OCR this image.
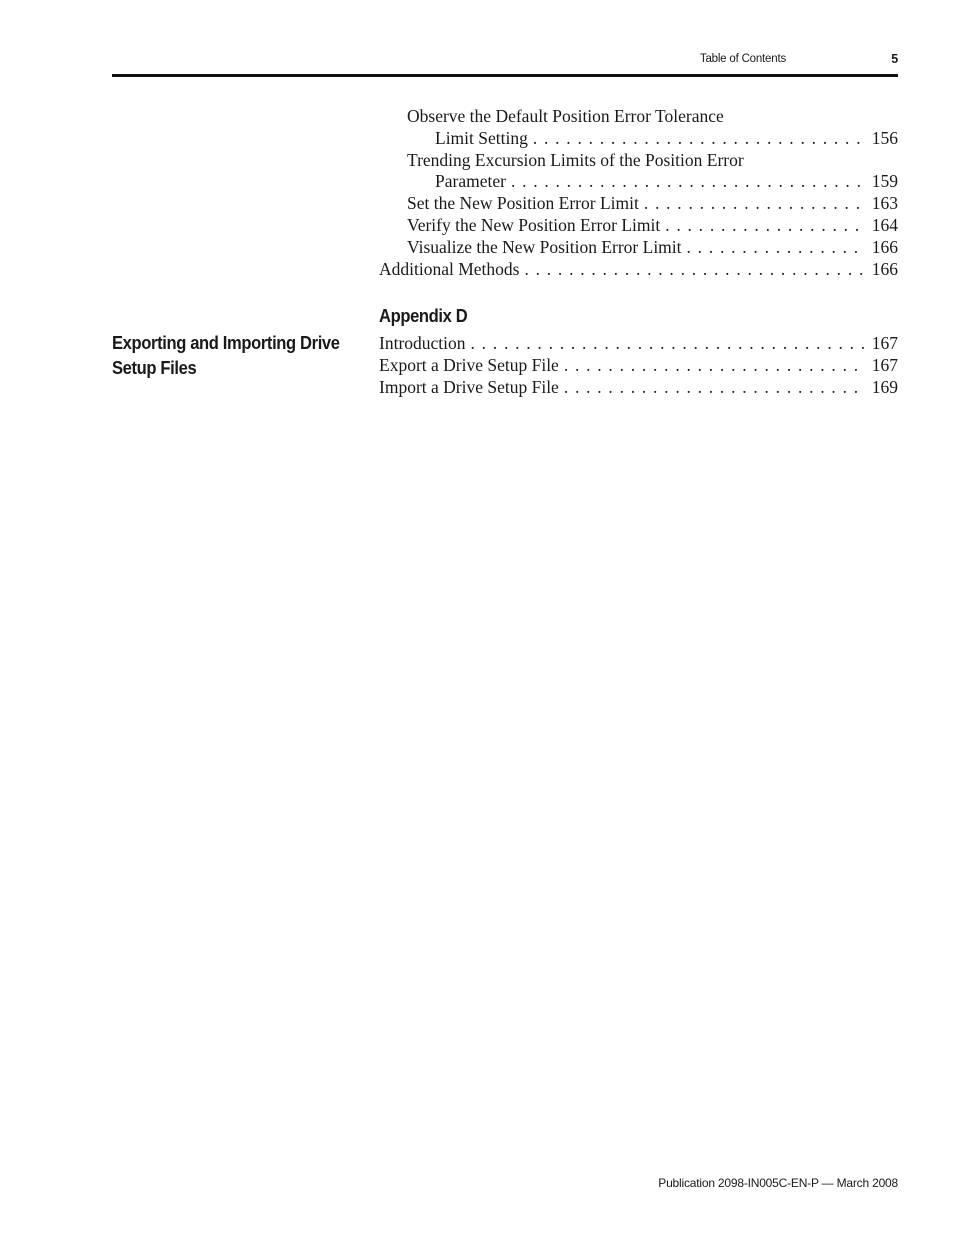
Table of Contents	5
Observe the Default Position Error Tolerance
Limit Setting . . .	156
Trending Excursion Limits of the Position Error
Parameter . . .	159
Set the New Position Error Limit . . .	163
Verify the New Position Error Limit . . .	164
Visualize the New Position Error Limit . . .	166
Additional Methods . . .	166
Appendix D
Exporting and Importing Drive Setup Files
Introduction . . .	167
Export a Drive Setup File . . .	167
Import a Drive Setup File . . .	169
Publication 2098-IN005C-EN-P — March 2008
